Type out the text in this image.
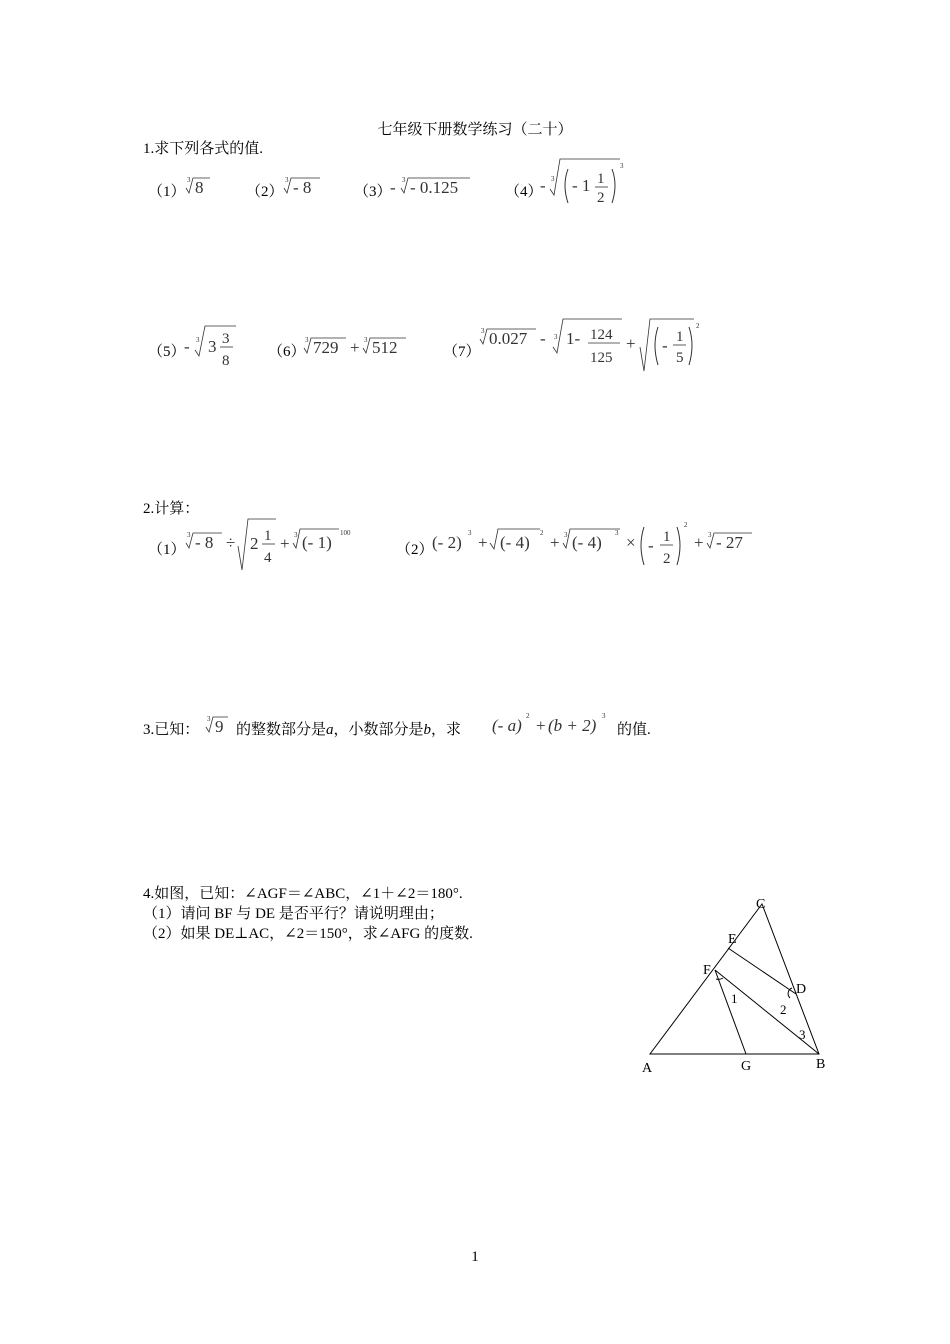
七年级下册数学练习（二十）
1.求下列各式的值.
（1）
3 8	（2）
3 - 8	（3）
- 3 - 0.125	（4）
- 3 - 1 1
2
3
（5）
- 3 3 3
8
（6）
3 729 + 3 512	（7）
3 0.027 - 3 1- 124
125
+ - 1
5
2
2.计算：
（1）
3 - 8 ÷ 2 1
4
+ 3 (- 1) 100
（2）
(- 2) 3 + (- 4) 2 + 3 (- 4) 3 × - 1
2
2
+ 3 - 27
3.已知：
3 9 的整数部分是a，小数部分是b，求 (- a) 2 + (b + 2) 3
的值.
4.如图，已知：∠AGF＝∠ABC，∠1＋∠2＝180°.
（1）请问 BF 与 DE 是否平行？请说明理由；
（2）如果 DE⊥AC，∠2＝150°，求∠AFG 的度数.
C
E
F
D
A	G	B
1
2
3
1
